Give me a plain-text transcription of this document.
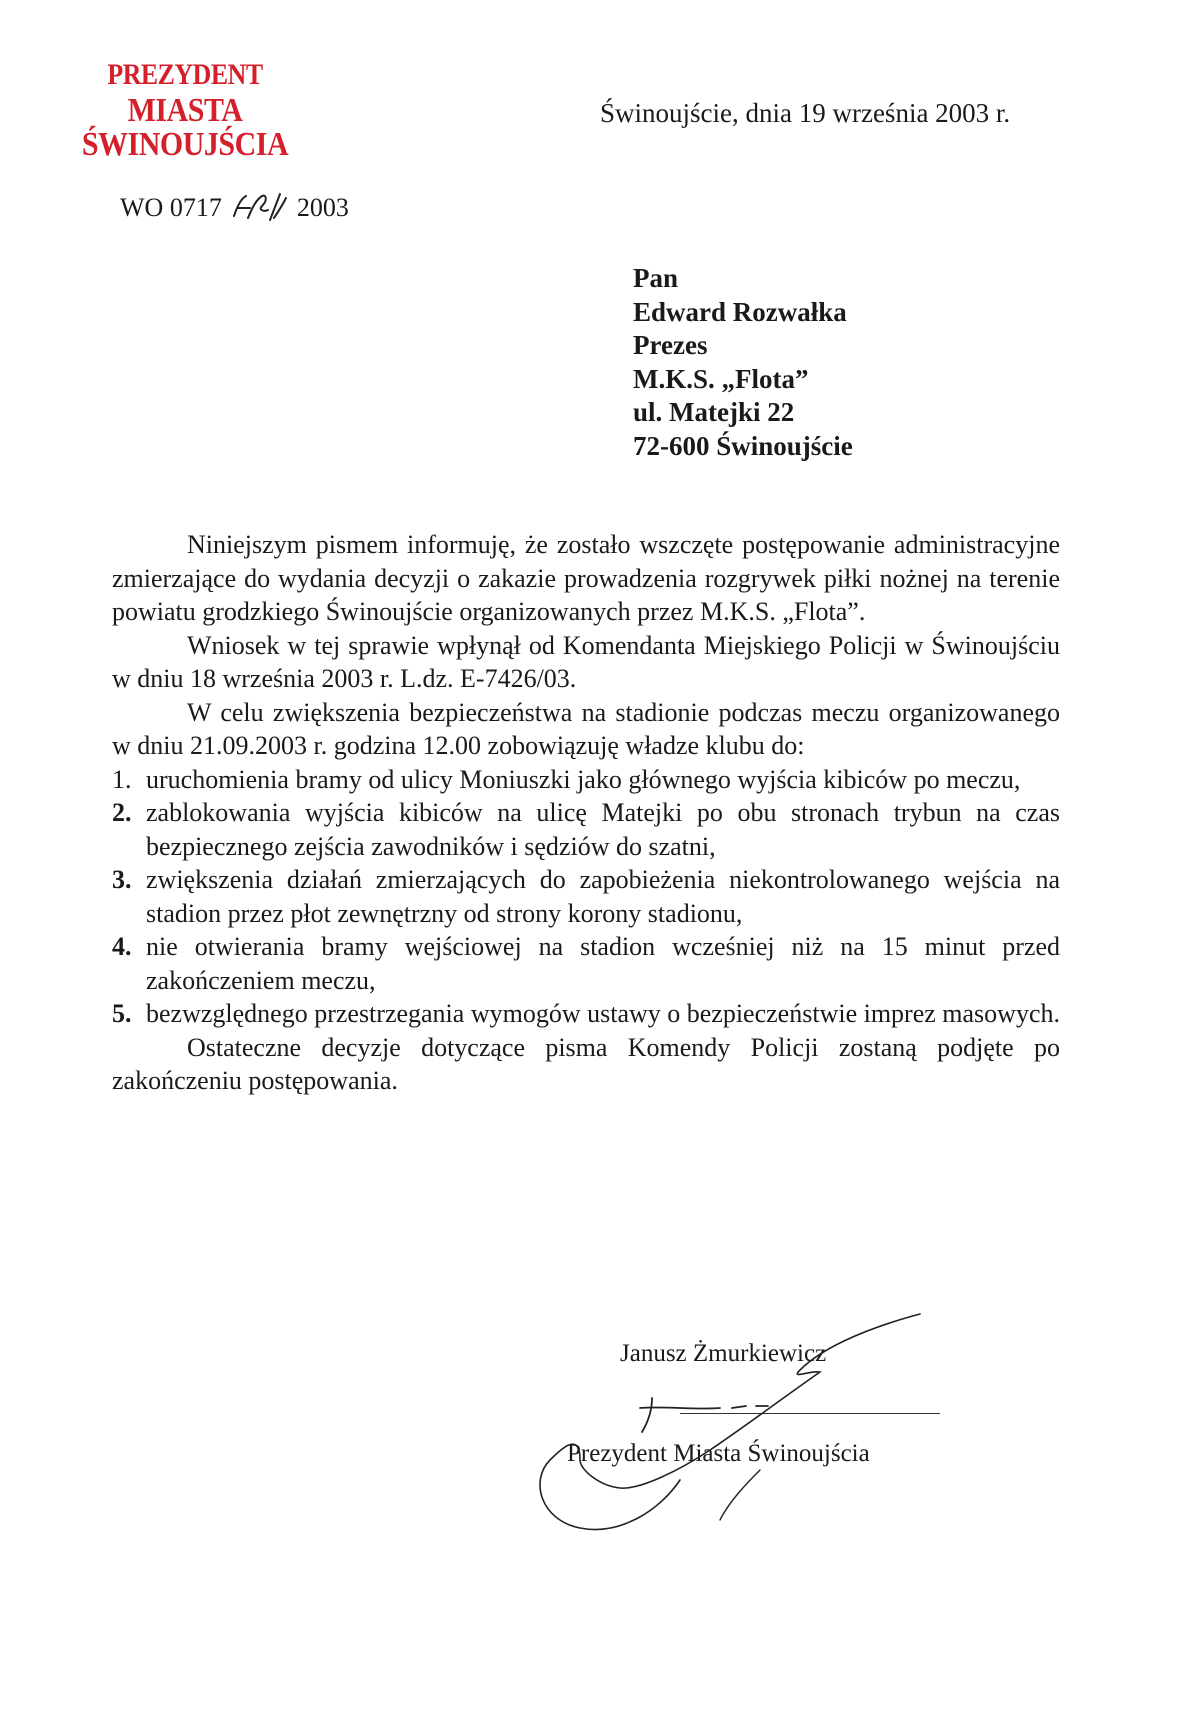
PREZYDENT
MIASTA ŚWINOUJŚCIA
Świnoujście, dnia 19 września 2003 r.
WO 0717	2003
Pan
Edward Rozwałka
Prezes
M.K.S. „Flota”
ul. Matejki 22
72-600 Świnoujście

Niniejszym pismem informuję, że zostało wszczęte postępowanie administracyjne zmierzające do wydania decyzji o zakazie prowadzenia rozgrywek piłki nożnej na terenie powiatu grodzkiego Świnoujście organizowanych przez M.K.S. „Flota”.

Wniosek w tej sprawie wpłynął od Komendanta Miejskiego Policji w Świnoujściu w dniu 18 września 2003 r. L.dz. E-7426/03.

W celu zwiększenia bezpieczeństwa na stadionie podczas meczu organizowanego w dniu 21.09.2003 r. godzina 12.00 zobowiązuję władze klubu do:

1. uruchomienia bramy od ulicy Moniuszki jako głównego wyjścia kibiców po meczu,
2. zablokowania wyjścia kibiców na ulicę Matejki po obu stronach trybun na czas bezpiecznego zejścia zawodników i sędziów do szatni,
3. zwiększenia działań zmierzających do zapobieżenia niekontrolowanego wejścia na stadion przez płot zewnętrzny od strony korony stadionu,
4. nie otwierania bramy wejściowej na stadion wcześniej niż na 15 minut przed zakończeniem meczu,
5. bezwzględnego przestrzegania wymogów ustawy o bezpieczeństwie imprez masowych.

Ostateczne decyzje dotyczące pisma Komendy Policji zostaną podjęte po zakończeniu postępowania.

Janusz Żmurkiewicz
Prezydent Miasta Świnoujścia
